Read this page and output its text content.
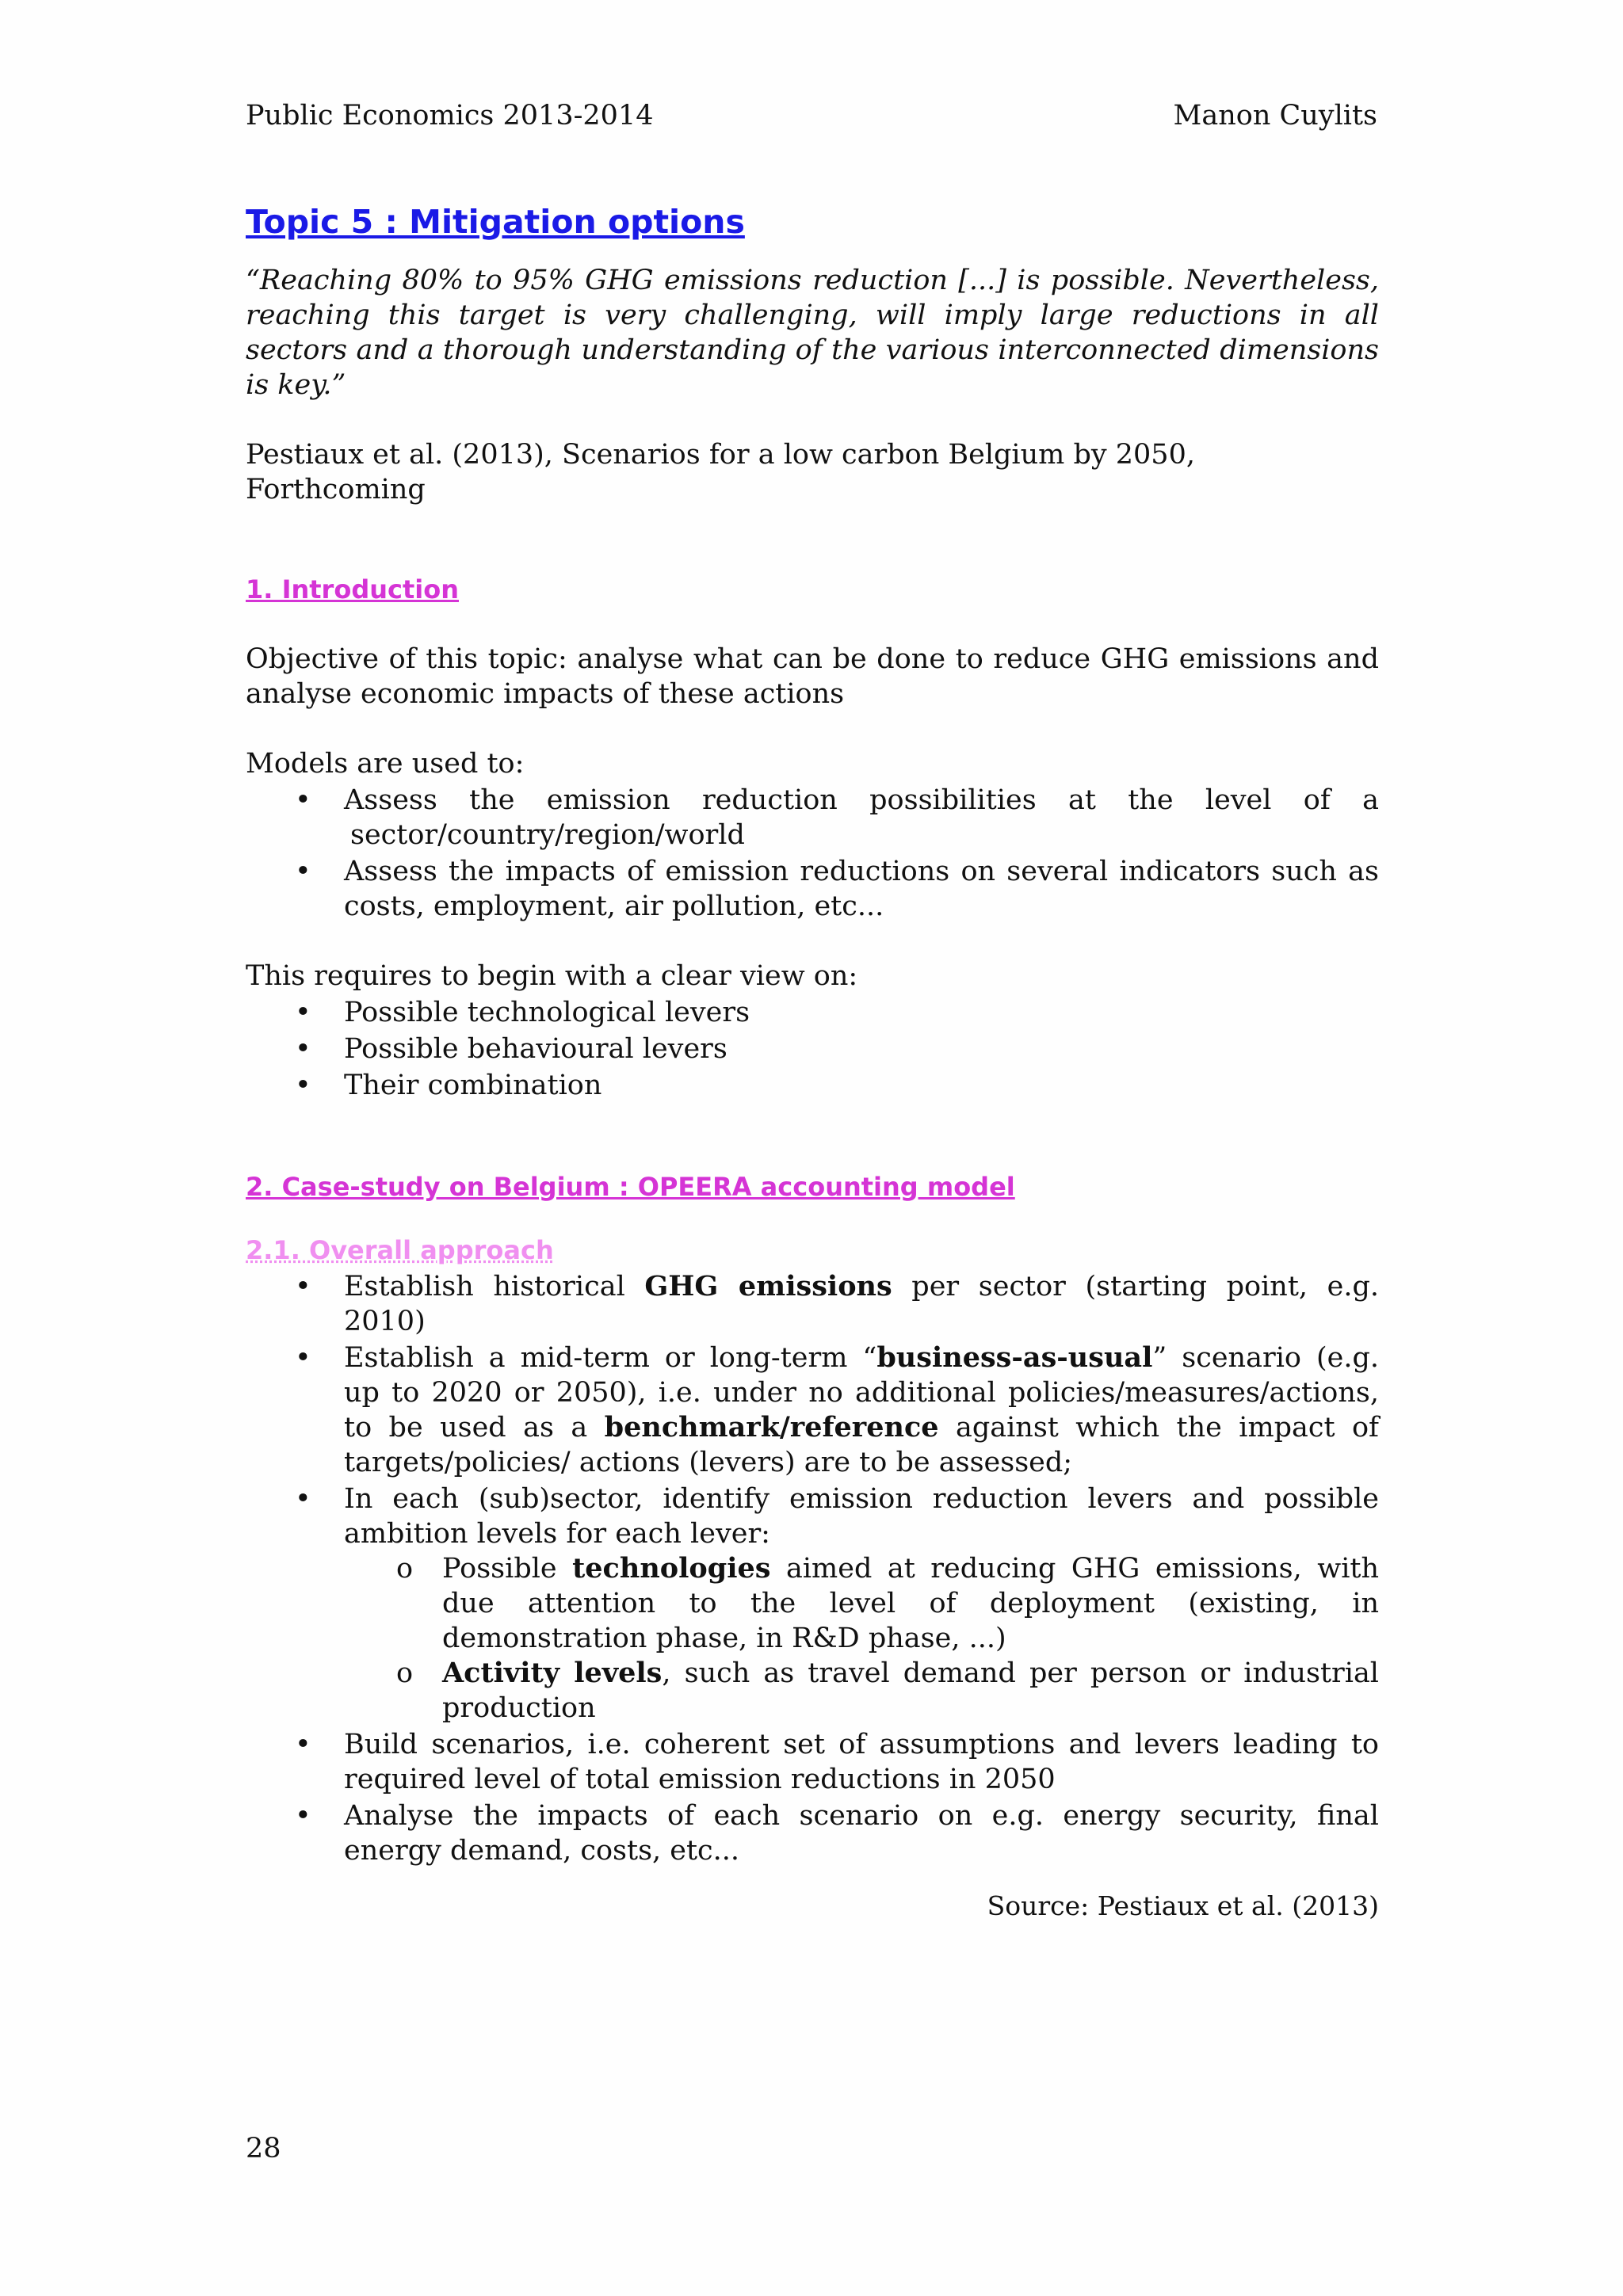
Public Economics 2013-2014	Manon Cuylits
Topic 5 : Mitigation options

“Reaching 80% to 95% GHG emissions reduction [...] is possible. Nevertheless, reaching this target is very challenging, will imply large reductions in all sectors and a thorough understanding of the various interconnected dimensions is key.”

Pestiaux et al. (2013), Scenarios for a low carbon Belgium by 2050, Forthcoming

1. Introduction

Objective of this topic: analyse what can be done to reduce GHG emissions and analyse economic impacts of these actions

Models are used to:

• Assess the emission reduction possibilities at the level of a
sector/country/region/world
• Assess the impacts of emission reductions on several indicators such as costs, employment, air pollution, etc...

This requires to begin with a clear view on:

• Possible technological levers
• Possible behavioural levers
• Their combination
2. Case-study on Belgium : OPEERA accounting model
2.1. Overall approach
• Establish historical GHG emissions per sector (starting point, e.g. 2010)
• Establish a mid-term or long-term “business-as-usual” scenario (e.g. up to 2020 or 2050), i.e. under no additional policies/measures/actions, to be used as a benchmark/reference against which the impact of targets/policies/ actions (levers) are to be assessed;
• In each (sub)sector, identify emission reduction levers and possible ambition levels for each lever:
o Possible technologies aimed at reducing GHG emissions, with due attention to the level of deployment (existing, in demonstration phase, in R&D phase, ...)
o Activity levels, such as travel demand per person or industrial production
• Build scenarios, i.e. coherent set of assumptions and levers leading to required level of total emission reductions in 2050
• Analyse the impacts of each scenario on e.g. energy security, final energy demand, costs, etc...

Source: Pestiaux et al. (2013)

28
